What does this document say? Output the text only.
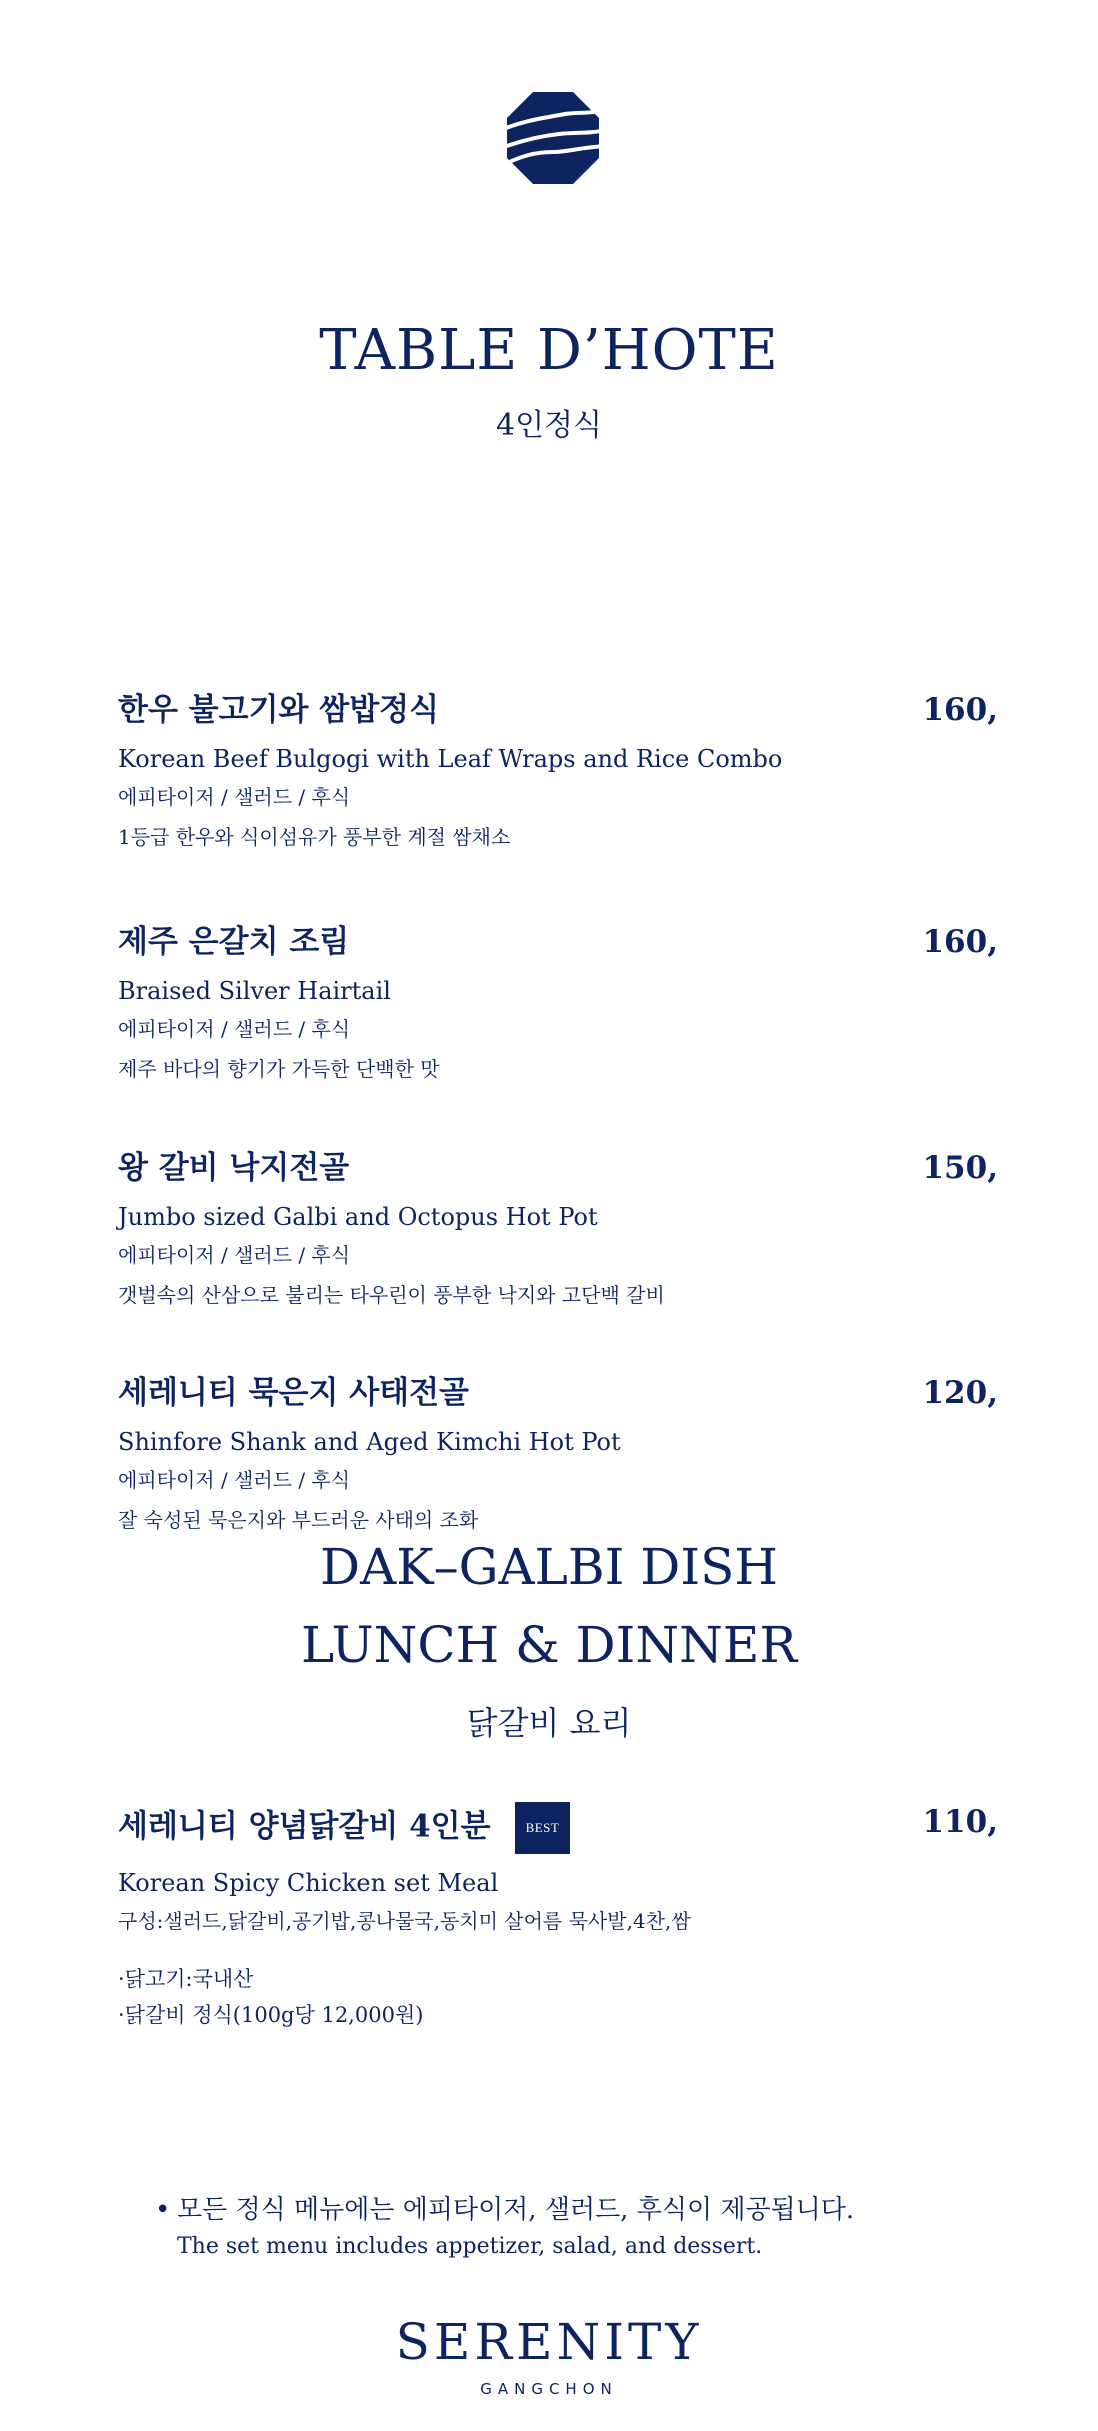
TABLE D’HOTE
4인정식
한우 불고기와 쌈밥정식	160,
Korean Beef Bulgogi with Leaf Wraps and Rice Combo
에피타이저 / 샐러드 / 후식
1등급 한우와 식이섬유가 풍부한 계절 쌈채소
제주 은갈치 조림	160,
Braised Silver Hairtail
에피타이저 / 샐러드 / 후식
제주 바다의 향기가 가득한 단백한 맛
왕 갈비 낙지전골	150,
Jumbo sized Galbi and Octopus Hot Pot
에피타이저 / 샐러드 / 후식
갯벌속의 산삼으로 불리는 타우린이 풍부한 낙지와 고단백 갈비
세레니티 묵은지 사태전골	120,
Shinfore Shank and Aged Kimchi Hot Pot
에피타이저 / 샐러드 / 후식
잘 숙성된 묵은지와 부드러운 사태의 조화
DAK–GALBI DISH
LUNCH & DINNER
닭갈비 요리
세레니티 양념닭갈비 4인분	BEST	110,
Korean Spicy Chicken set Meal
구성:샐러드,닭갈비,공기밥,콩나물국,동치미 살어름 묵사발,4찬,쌈
·닭고기:국내산
·닭갈비 정식(100g당 12,000원)
• 모든 정식 메뉴에는 에피타이저, 샐러드, 후식이 제공됩니다.
The set menu includes appetizer, salad, and dessert.
SERENITY
GANGCHON
